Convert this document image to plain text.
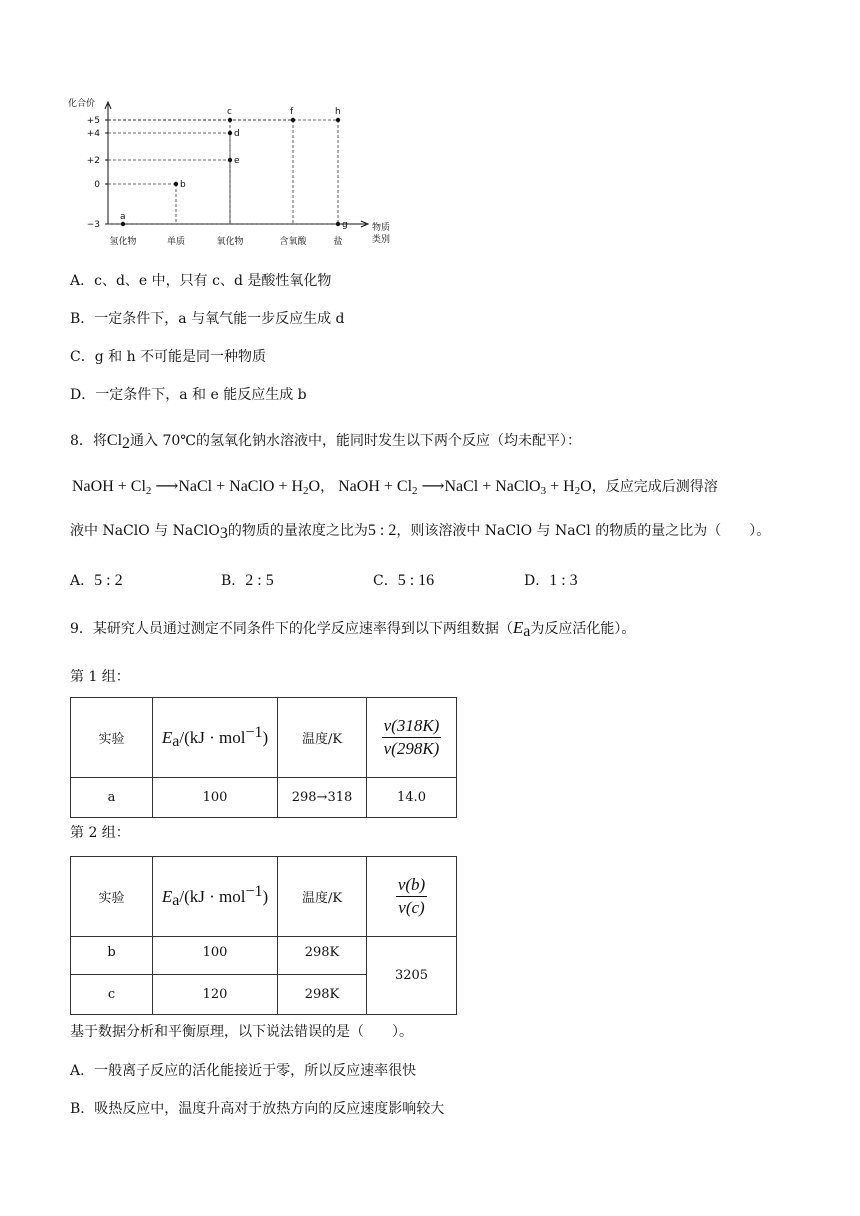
化合价
+5
+4
+2
0
−3
氢化物	单质	氧化物	含氧酸	盐
物质
类别
a
b
c
d
e
f	h
g
A．c、d、e 中，只有 c、d 是酸性氧化物
B．一定条件下，a 与氧气能一步反应生成 d
C．g 和 h 不可能是同一种物质
D．一定条件下，a 和 e 能反应生成 b
8．将$Cl_2$通入 70℃的氢氧化钠水溶液中，能同时发生以下两个反应（均未配平）：
NaOH + $Cl_2$ ⟶NaCl + NaClO + $H_2O$， NaOH + $Cl_2$ ⟶NaCl + NaClO$_3$ + $H_2O$，反应完成后测得溶
液中 NaClO 与 NaClO$_3$的物质的量浓度之比为5 : 2，则该溶液中 NaClO 与 NaCl 的物质的量之比为（　　）。
A．5 : 2	B．2 : 5	C．5 : 16	D．1 : 3
9．某研究人员通过测定不同条件下的化学反应速率得到以下两组数据（$E_a$为反应活化能）。
第 1 组：
实验	$E_a/(kJ \cdot mol^{-1})$	温度/K	$\frac{v(318K)}{v(298K)}$

a	100	298→318	14.0
第 2 组：
实验	$E_a/(kJ \cdot mol^{-1})$	温度/K	$\frac{v(b)}{v(c)}$

b	100	298K	3205
c	120	298K	
基于数据分析和平衡原理，以下说法错误的是（　　）。
A．一般离子反应的活化能接近于零，所以反应速率很快
B．吸热反应中，温度升高对于放热方向的反应速度影响较大
